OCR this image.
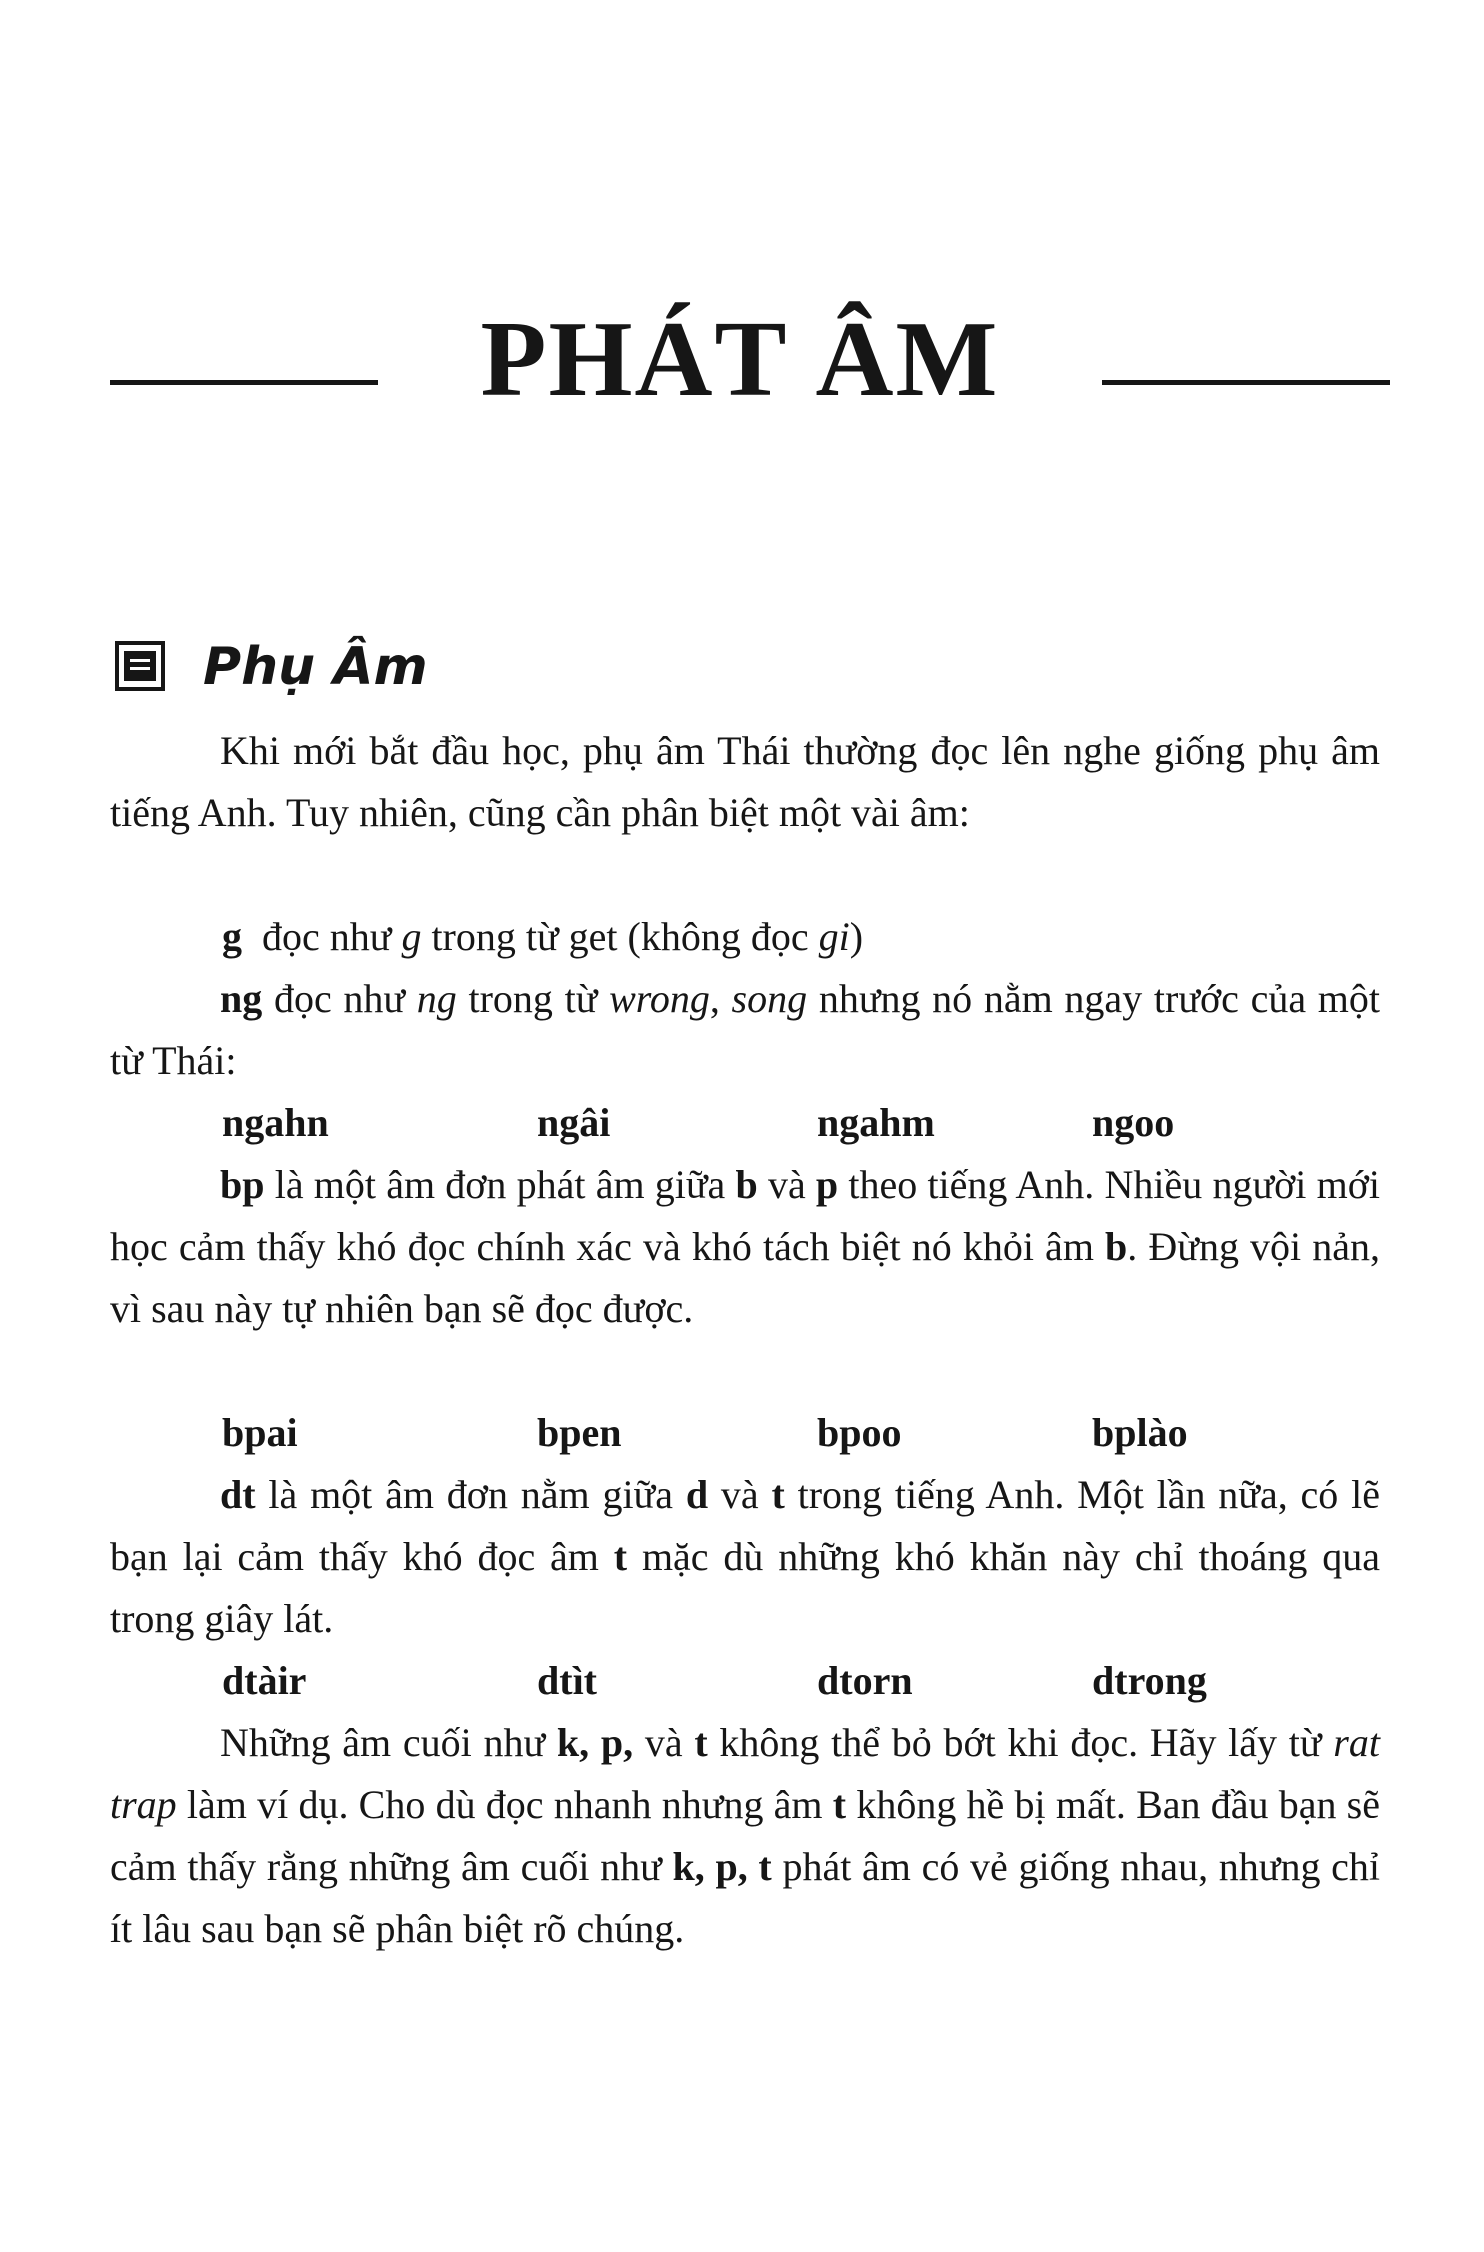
PHÁT ÂM
Phụ Âm
Khi mới bắt đầu học, phụ âm Thái thường đọc lên nghe giống phụ âm tiếng Anh. Tuy nhiên, cũng cần phân biệt một vài âm:
g đọc như g trong từ get (không đọc gi)
ng đọc như ng trong từ wrong, song nhưng nó nằm ngay trước của một từ Thái:
ngahn	ngâi	ngahm	ngoo
bp là một âm đơn phát âm giữa b và p theo tiếng Anh. Nhiều người mới học cảm thấy khó đọc chính xác và khó tách biệt nó khỏi âm b. Đừng vội nản, vì sau này tự nhiên bạn sẽ đọc được.
bpai	bpen	bpoo	bplào
dt là một âm đơn nằm giữa d và t trong tiếng Anh. Một lần nữa, có lẽ bạn lại cảm thấy khó đọc âm t mặc dù những khó khăn này chỉ thoáng qua trong giây lát.
dtàir	dtìt	dtorn	dtrong
Những âm cuối như k, p, và t không thể bỏ bớt khi đọc. Hãy lấy từ rat trap làm ví dụ. Cho dù đọc nhanh nhưng âm t không hề bị mất. Ban đầu bạn sẽ cảm thấy rằng những âm cuối như k, p, t phát âm có vẻ giống nhau, nhưng chỉ ít lâu sau bạn sẽ phân biệt rõ chúng.
